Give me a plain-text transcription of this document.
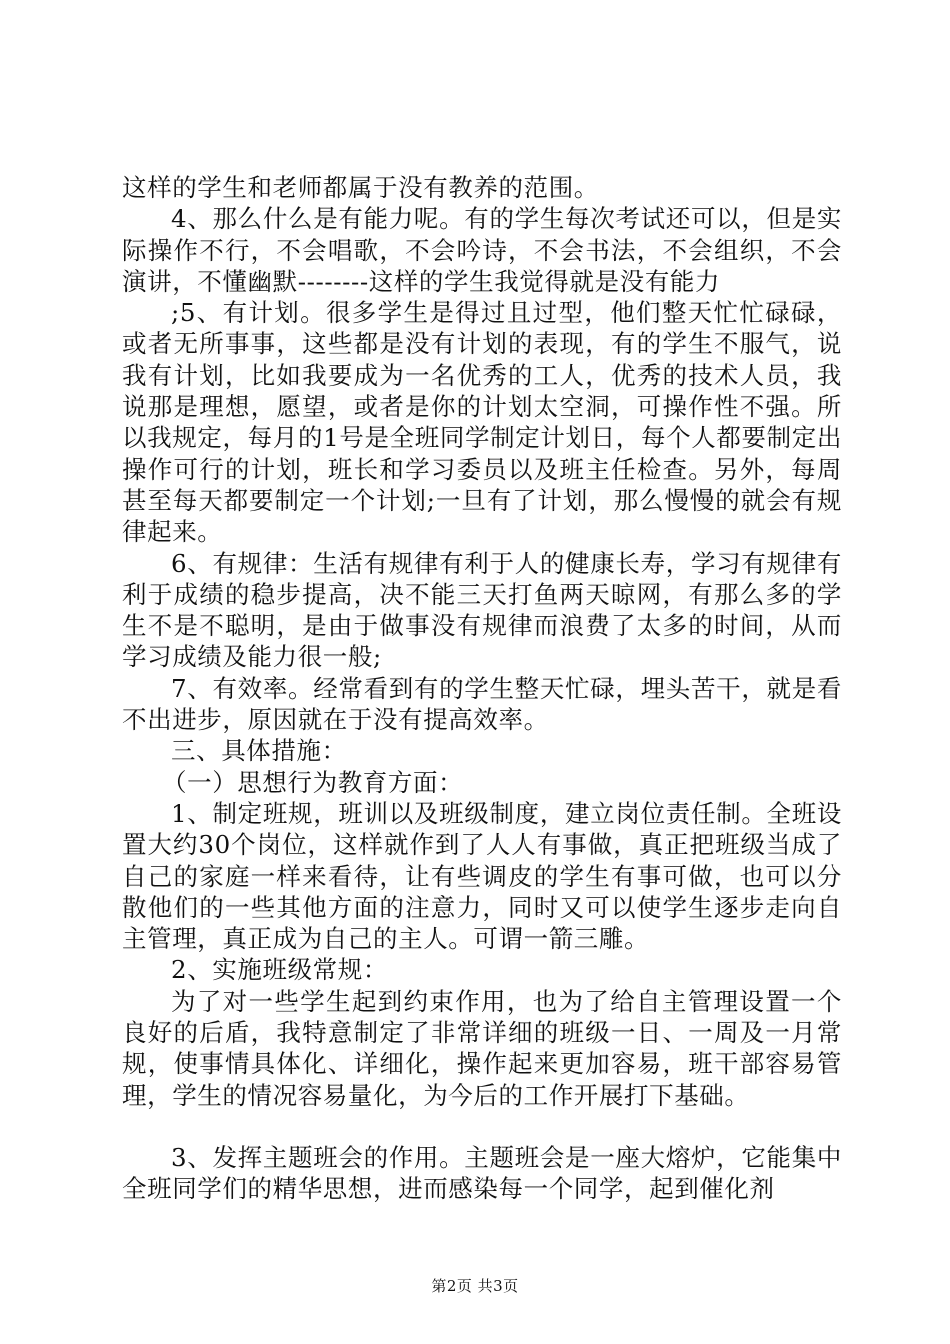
这样的学生和老师都属于没有教养的范围。

4、那么什么是有能力呢。有的学生每次考试还可以，但是实际操作不行，不会唱歌，不会吟诗，不会书法，不会组织，不会演讲，不懂幽默--------这样的学生我觉得就是没有能力

;5、有计划。很多学生是得过且过型，他们整天忙忙碌碌，或者无所事事，这些都是没有计划的表现，有的学生不服气，说我有计划，比如我要成为一名优秀的工人，优秀的技术人员，我说那是理想，愿望，或者是你的计划太空洞，可操作性不强。所以我规定，每月的1号是全班同学制定计划日，每个人都要制定出操作可行的计划，班长和学习委员以及班主任检查。另外，每周甚至每天都要制定一个计划;一旦有了计划，那么慢慢的就会有规律起来。

6、有规律：生活有规律有利于人的健康长寿，学习有规律有利于成绩的稳步提高，决不能三天打鱼两天晾网，有那么多的学生不是不聪明，是由于做事没有规律而浪费了太多的时间，从而学习成绩及能力很一般;

7、有效率。经常看到有的学生整天忙碌，埋头苦干，就是看不出进步，原因就在于没有提高效率。

三、具体措施：

（一）思想行为教育方面：

1、制定班规，班训以及班级制度，建立岗位责任制。全班设置大约30个岗位，这样就作到了人人有事做，真正把班级当成了自己的家庭一样来看待，让有些调皮的学生有事可做，也可以分散他们的一些其他方面的注意力，同时又可以使学生逐步走向自主管理，真正成为自己的主人。可谓一箭三雕。

2、实施班级常规：

为了对一些学生起到约束作用，也为了给自主管理设置一个良好的后盾，我特意制定了非常详细的班级一日、一周及一月常规，使事情具体化、详细化，操作起来更加容易，班干部容易管理，学生的情况容易量化，为今后的工作开展打下基础。

3、发挥主题班会的作用。主题班会是一座大熔炉，它能集中全班同学们的精华思想，进而感染每一个同学，起到催化剂

第2页 共3页
